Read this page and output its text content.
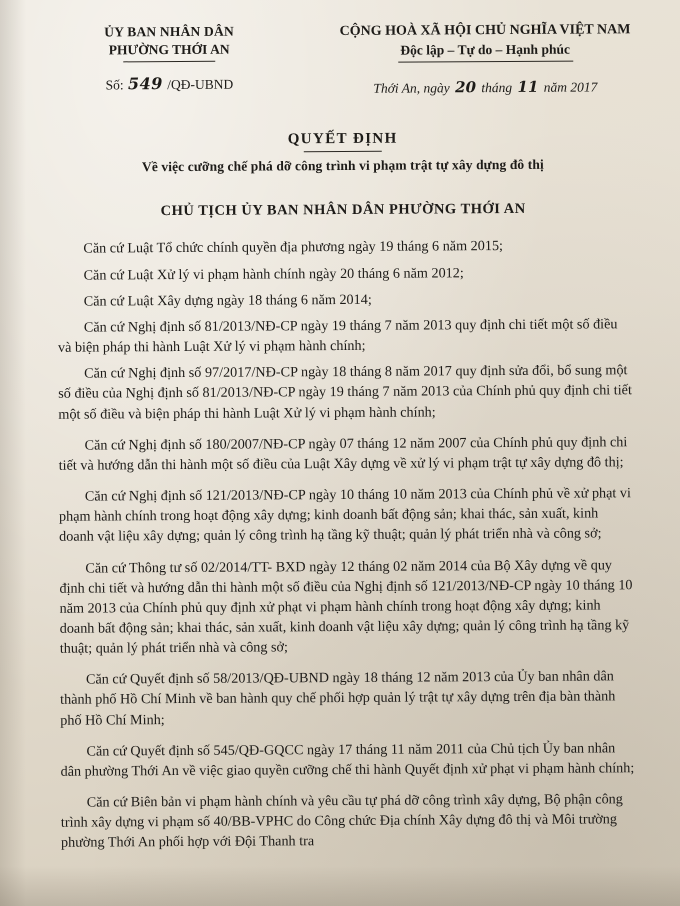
ỦY BAN NHÂN DÂN
PHƯỜNG THỚI AN
Số: 549 /QĐ-UBND
CỘNG HOÀ XÃ HỘI CHỦ NGHĨA VIỆT NAM
Độc lập – Tự do – Hạnh phúc
Thới An, ngày 20 tháng 11 năm 2017
QUYẾT ĐỊNH
Về việc cưỡng chế phá dỡ công trình vi phạm trật tự xây dựng đô thị
CHỦ TỊCH ỦY BAN NHÂN DÂN PHƯỜNG THỚI AN

Căn cứ Luật Tổ chức chính quyền địa phương ngày 19 tháng 6 năm 2015;

Căn cứ Luật Xử lý vi phạm hành chính ngày 20 tháng 6 năm 2012;

Căn cứ Luật Xây dựng ngày 18 tháng 6 năm 2014;

Căn cứ Nghị định số 81/2013/NĐ-CP ngày 19 tháng 7 năm 2013 quy định chi tiết một số điều và biện pháp thi hành Luật Xử lý vi phạm hành chính;

Căn cứ Nghị định số 97/2017/NĐ-CP ngày 18 tháng 8 năm 2017 quy định sửa đổi, bổ sung một số điều của Nghị định số 81/2013/NĐ-CP ngày 19 tháng 7 năm 2013 của Chính phủ quy định chi tiết một số điều và biện pháp thi hành Luật Xử lý vi phạm hành chính;

Căn cứ Nghị định số 180/2007/NĐ-CP ngày 07 tháng 12 năm 2007 của Chính phủ quy định chi tiết và hướng dẫn thi hành một số điều của Luật Xây dựng về xử lý vi phạm trật tự xây dựng đô thị;

Căn cứ Nghị định số 121/2013/NĐ-CP ngày 10 tháng 10 năm 2013 của Chính phủ về xử phạt vi phạm hành chính trong hoạt động xây dựng; kinh doanh bất động sản; khai thác, sản xuất, kinh doanh vật liệu xây dựng; quản lý công trình hạ tầng kỹ thuật; quản lý phát triển nhà và công sở;

Căn cứ Thông tư số 02/2014/TT- BXD ngày 12 tháng 02 năm 2014 của Bộ Xây dựng về quy định chi tiết và hướng dẫn thi hành một số điều của Nghị định số 121/2013/NĐ-CP ngày 10 tháng 10 năm 2013 của Chính phủ quy định xử phạt vi phạm hành chính trong hoạt động xây dựng; kinh doanh bất động sản; khai thác, sản xuất, kinh doanh vật liệu xây dựng; quản lý công trình hạ tầng kỹ thuật; quản lý phát triển nhà và công sở;

Căn cứ Quyết định số 58/2013/QĐ-UBND ngày 18 tháng 12 năm 2013 của Ủy ban nhân dân thành phố Hồ Chí Minh về ban hành quy chế phối hợp quản lý trật tự xây dựng trên địa bàn thành phố Hồ Chí Minh;

Căn cứ Quyết định số 545/QĐ-GQCC ngày 17 tháng 11 năm 2011 của Chủ tịch Ủy ban nhân dân phường Thới An về việc giao quyền cưỡng chế thi hành Quyết định xử phạt vi phạm hành chính;

Căn cứ Biên bản vi phạm hành chính và yêu cầu tự phá dỡ công trình xây dựng, Bộ phận công trình xây dựng vi phạm số 40/BB-VPHC do Công chức Địa chính Xây dựng đô thị và Môi trường phường Thới An phối hợp với Đội Thanh tra
